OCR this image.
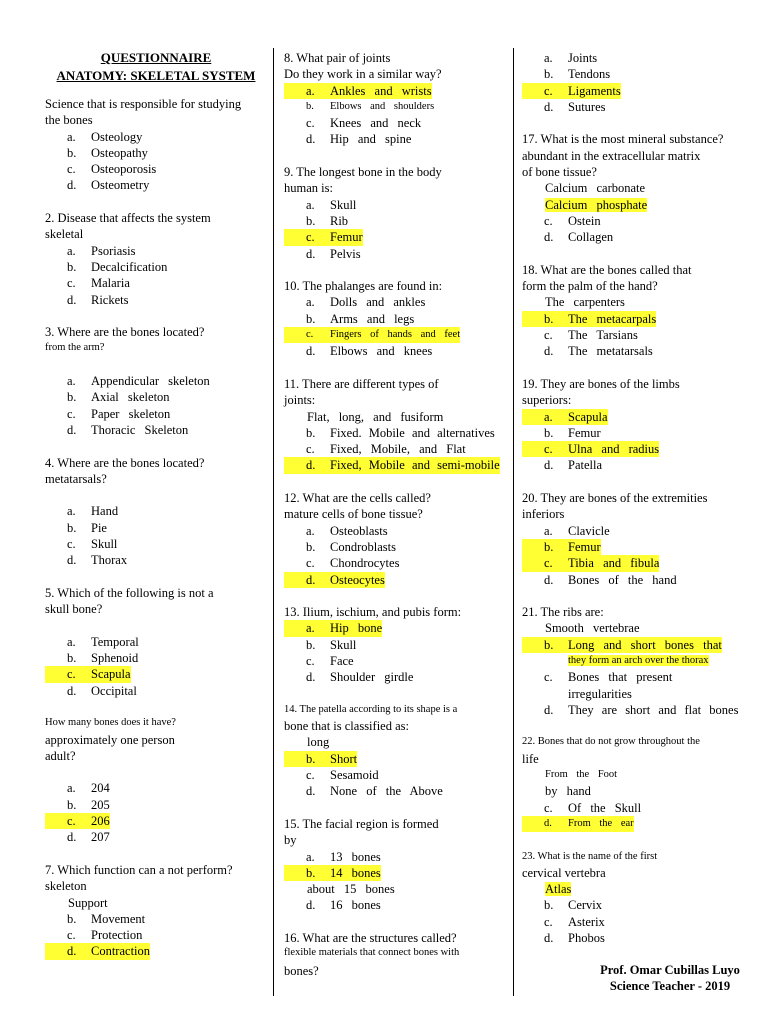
QUESTIONNAIRE
ANATOMY: SKELETAL SYSTEM
Science that is responsible for studying
the bones
a.	Osteology
b.	Osteopathy
c.	Osteoporosis
d.	Osteometry
2. Disease that affects the system
skeletal
a.	Psoriasis
b.	Decalcification
c.	Malaria
d.	Rickets
3. Where are the bones located?
from the arm?
a.	Appendicular skeleton
b.	Axial skeleton
c.	Paper skeleton
d.	Thoracic Skeleton
4. Where are the bones located?
metatarsals?
a.	Hand
b.	Pie
c.	Skull
d.	Thorax
5. Which of the following is not a
skull bone?
a.	Temporal
b.	Sphenoid
c.	Scapula
d.	Occipital
How many bones does it have?
approximately one person
adult?
a.	204
b.	205
c.	206
d.	207
7. Which function can a not perform?
skeleton
Support
b.	Movement
c.	Protection
d.	Contraction
8. What pair of joints
Do they work in a similar way?
a.	Ankles and wrists
b.	Elbows and shoulders
c.	Knees and neck
d.	Hip and spine
9. The longest bone in the body
human is:
a.	Skull
b.	Rib
c.	Femur
d.	Pelvis
10. The phalanges are found in:
a.	Dolls and ankles
b.	Arms and legs
c.	Fingers of hands and feet
d.	Elbows and knees
11. There are different types of
joints:
Flat, long, and fusiform
b.	Fixed. Mobile and alternatives
c.	Fixed, Mobile, and Flat
d.	Fixed, Mobile and semi-mobile
12. What are the cells called?
mature cells of bone tissue?
a.	Osteoblasts
b.	Condroblasts
c.	Chondrocytes
d.	Osteocytes
13. Ilium, ischium, and pubis form:
a.	Hip bone
b.	Skull
c.	Face
d.	Shoulder girdle
14. The patella according to its shape is a
bone that is classified as:
long
b.	Short
c.	Sesamoid
d.	None of the Above
15. The facial region is formed
by
a.	13 bones
b.	14 bones
about 15 bones
d.	16 bones
16. What are the structures called?
flexible materials that connect bones with
bones?
a.	Joints
b.	Tendons
c.	Ligaments
d.	Sutures
17. What is the most mineral substance?
abundant in the extracellular matrix
of bone tissue?
Calcium carbonate
Calcium phosphate
c.	Ostein
d.	Collagen
18. What are the bones called that
form the palm of the hand?
The carpenters
b.	The metacarpals
c.	The Tarsians
d.	The metatarsals
19. They are bones of the limbs
superiors:
a.	Scapula
b.	Femur
c.	Ulna and radius
d.	Patella
20. They are bones of the extremities
inferiors
a.	Clavicle
b.	Femur
c.	Tibia and fibula
d.	Bones of the hand
21. The ribs are:
Smooth vertebrae
b.	Long and short bones that
they form an arch over the thorax
c.	Bones that present
irregularities
d.	They are short and flat bones
22. Bones that do not grow throughout the
life
From the Foot
by hand
c.	Of the Skull
d.	From the ear
23. What is the name of the first
cervical vertebra
Atlas
b.	Cervix
c.	Asterix
d.	Phobos
Prof. Omar Cubillas Luyo
Science Teacher - 2019
